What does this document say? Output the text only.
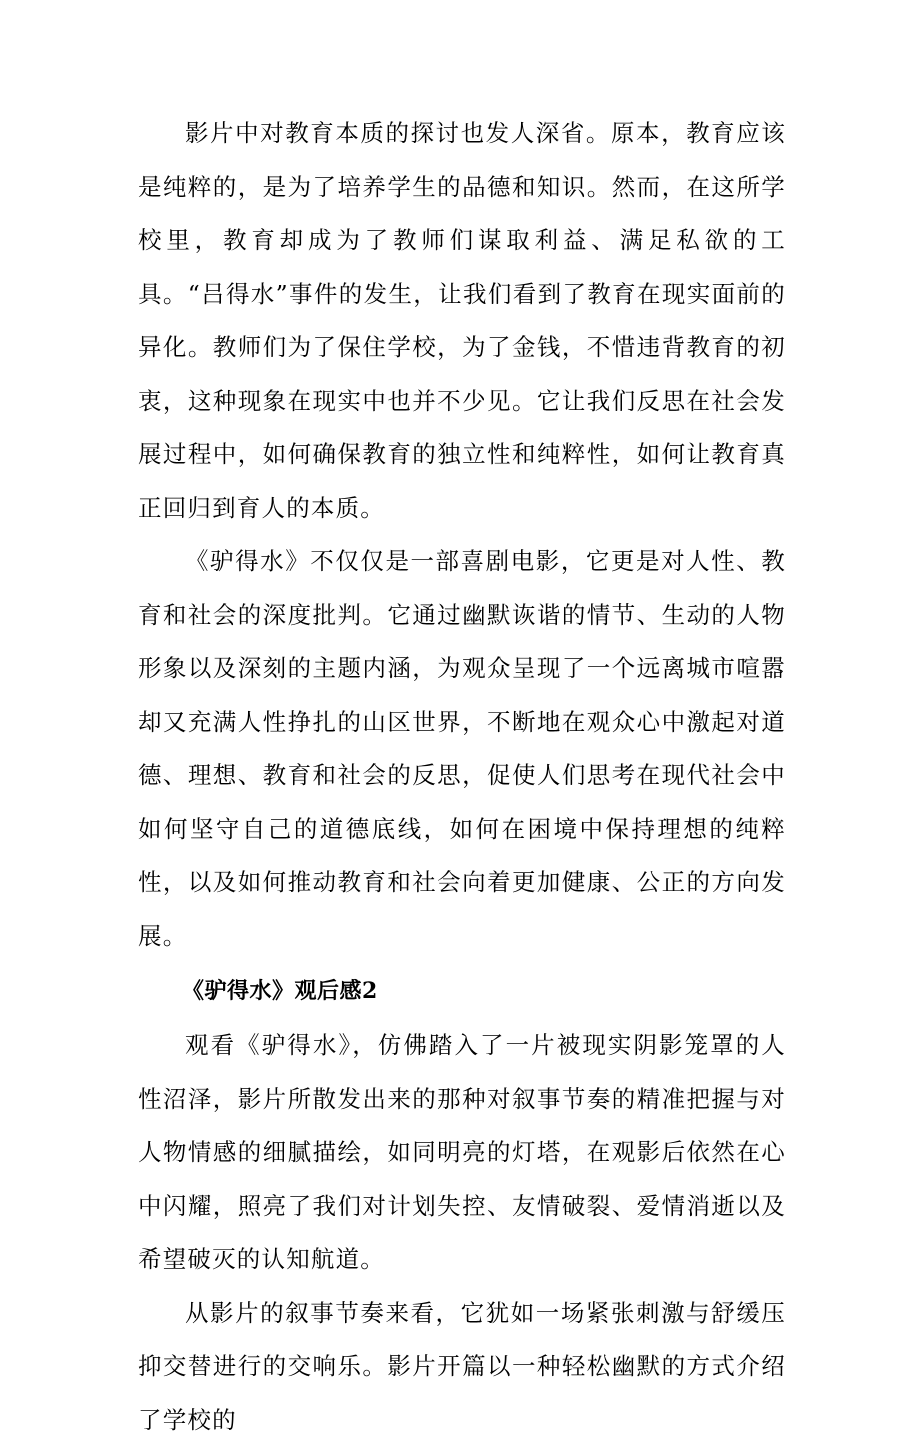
影片中对教育本质的探讨也发人深省。原本，教育应该是纯粹的，是为了培养学生的品德和知识。然而，在这所学校里，教育却成为了教师们谋取利益、满足私欲的工具。“吕得水”事件的发生，让我们看到了教育在现实面前的异化。教师们为了保住学校，为了金钱，不惜违背教育的初衷，这种现象在现实中也并不少见。它让我们反思在社会发展过程中，如何确保教育的独立性和纯粹性，如何让教育真正回归到育人的本质。

《驴得水》不仅仅是一部喜剧电影，它更是对人性、教育和社会的深度批判。它通过幽默诙谐的情节、生动的人物形象以及深刻的主题内涵，为观众呈现了一个远离城市喧嚣却又充满人性挣扎的山区世界，不断地在观众心中激起对道德、理想、教育和社会的反思，促使人们思考在现代社会中如何坚守自己的道德底线，如何在困境中保持理想的纯粹性，以及如何推动教育和社会向着更加健康、公正的方向发展。

《驴得水》观后感2

观看《驴得水》，仿佛踏入了一片被现实阴影笼罩的人性沼泽，影片所散发出来的那种对叙事节奏的精准把握与对人物情感的细腻描绘，如同明亮的灯塔，在观影后依然在心中闪耀，照亮了我们对计划失控、友情破裂、爱情消逝以及希望破灭的认知航道。

从影片的叙事节奏来看，它犹如一场紧张刺激与舒缓压抑交替进行的交响乐。影片开篇以一种轻松幽默的方式介绍了学校的
